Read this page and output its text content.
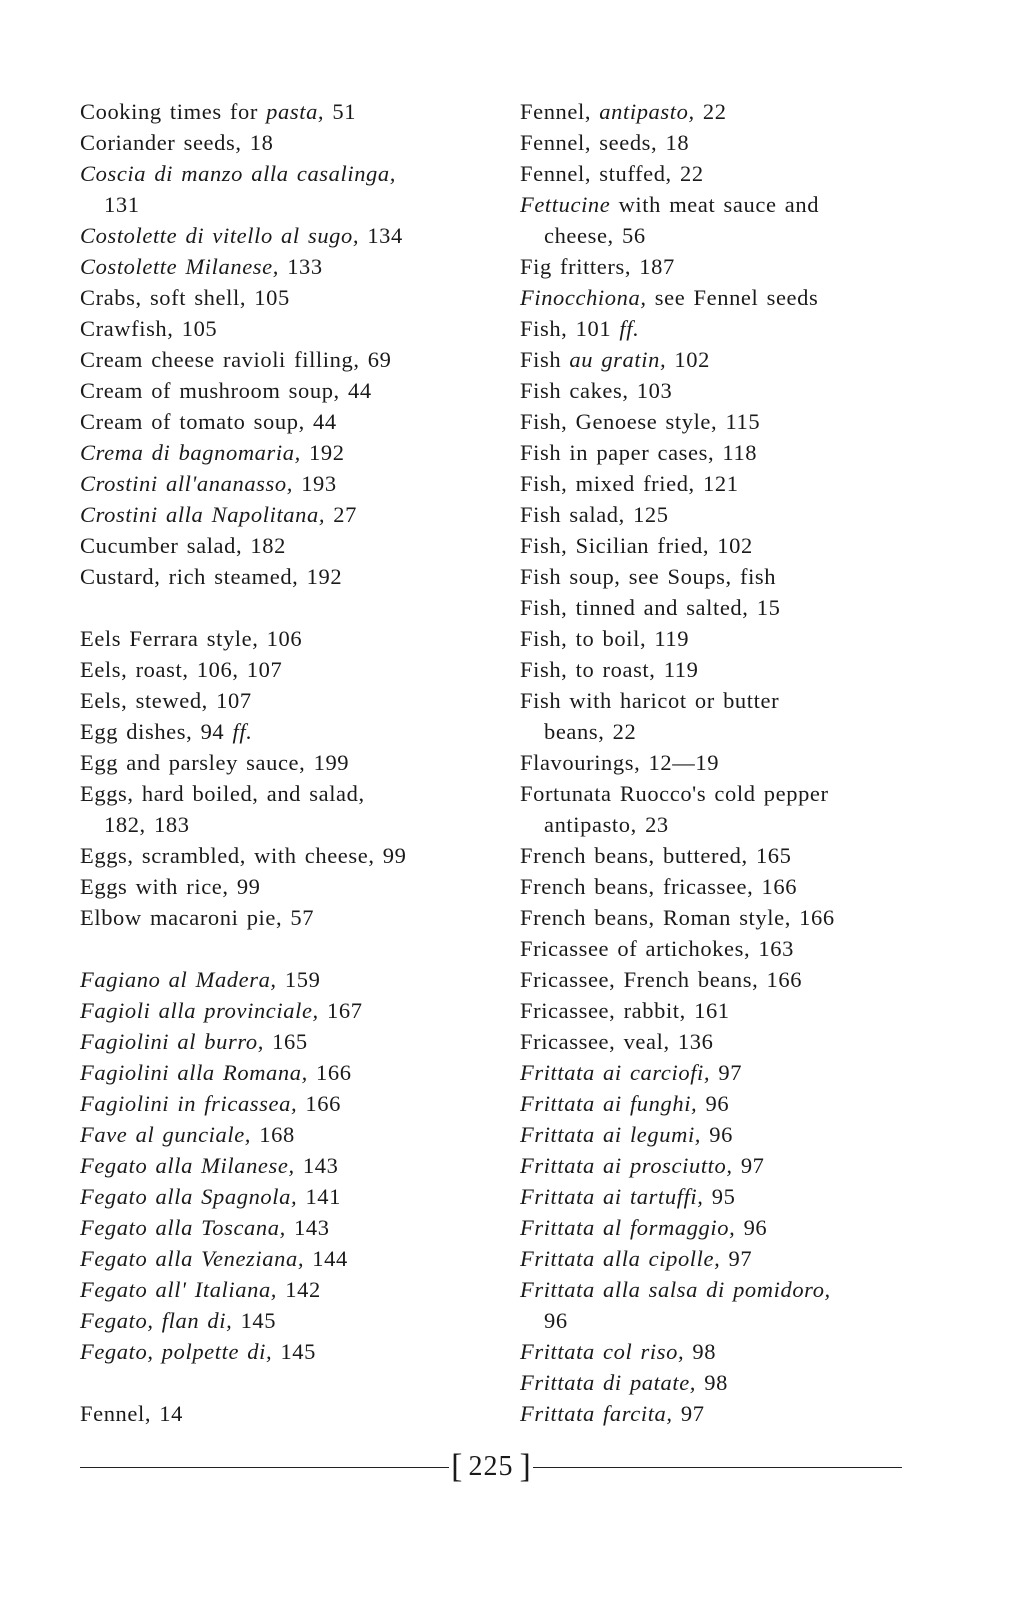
Cooking times for pasta, 51
Coriander seeds, 18
Coscia di manzo alla casalinga,
131
Costolette di vitello al sugo, 134
Costolette Milanese, 133
Crabs, soft shell, 105
Crawfish, 105
Cream cheese ravioli filling, 69
Cream of mushroom soup, 44
Cream of tomato soup, 44
Crema di bagnomaria, 192
Crostini all'ananasso, 193
Crostini alla Napolitana, 27
Cucumber salad, 182
Custard, rich steamed, 192
Eels Ferrara style, 106
Eels, roast, 106, 107
Eels, stewed, 107
Egg dishes, 94 ff.
Egg and parsley sauce, 199
Eggs, hard boiled, and salad,
182, 183
Eggs, scrambled, with cheese, 99
Eggs with rice, 99
Elbow macaroni pie, 57
Fagiano al Madera, 159
Fagioli alla provinciale, 167
Fagiolini al burro, 165
Fagiolini alla Romana, 166
Fagiolini in fricassea, 166
Fave al gunciale, 168
Fegato alla Milanese, 143
Fegato alla Spagnola, 141
Fegato alla Toscana, 143
Fegato alla Veneziana, 144
Fegato all' Italiana, 142
Fegato, flan di, 145
Fegato, polpette di, 145
Fennel, 14
Fennel, antipasto, 22
Fennel, seeds, 18
Fennel, stuffed, 22
Fettucine with meat sauce and
cheese, 56
Fig fritters, 187
Finocchiona, see Fennel seeds
Fish, 101 ff.
Fish au gratin, 102
Fish cakes, 103
Fish, Genoese style, 115
Fish in paper cases, 118
Fish, mixed fried, 121
Fish salad, 125
Fish, Sicilian fried, 102
Fish soup, see Soups, fish
Fish, tinned and salted, 15
Fish, to boil, 119
Fish, to roast, 119
Fish with haricot or butter
beans, 22
Flavourings, 12—19
Fortunata Ruocco's cold pepper
antipasto, 23
French beans, buttered, 165
French beans, fricassee, 166
French beans, Roman style, 166
Fricassee of artichokes, 163
Fricassee, French beans, 166
Fricassee, rabbit, 161
Fricassee, veal, 136
Frittata ai carciofi, 97
Frittata ai funghi, 96
Frittata ai legumi, 96
Frittata ai prosciutto, 97
Frittata ai tartuffi, 95
Frittata al formaggio, 96
Frittata alla cipolle, 97
Frittata alla salsa di pomidoro,
96
Frittata col riso, 98
Frittata di patate, 98
Frittata farcita, 97
[ 225 ]
